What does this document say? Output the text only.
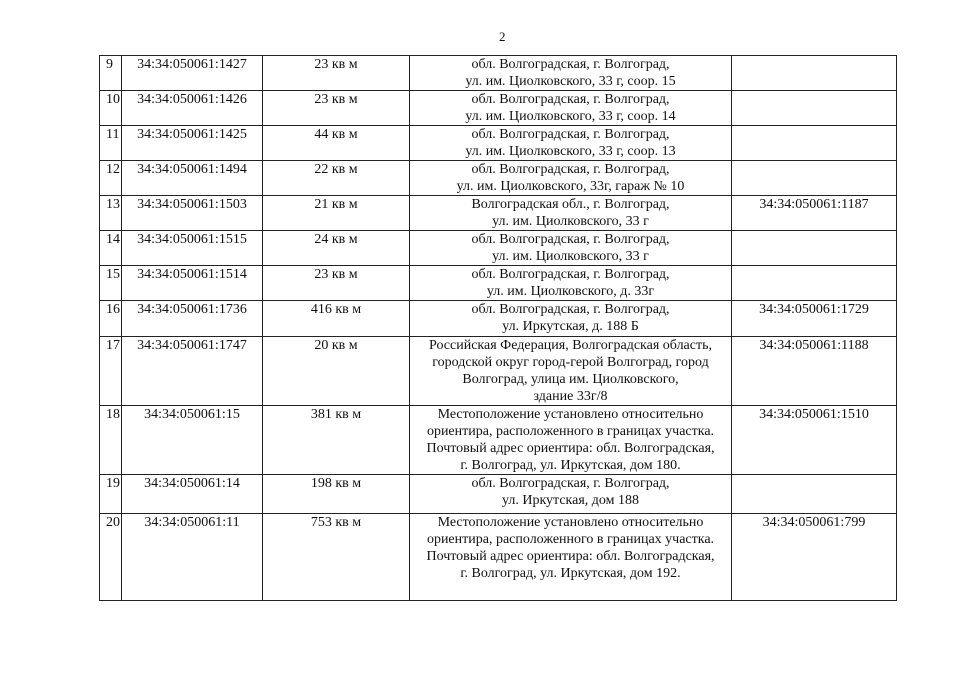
2
9	34:34:050061:1427	23 кв м	обл. Волгоградская, г. Волгоград,
ул. им. Циолковского, 33 г, соор. 15	

10	34:34:050061:1426	23 кв м	обл. Волгоградская, г. Волгоград,
ул. им. Циолковского, 33 г, соор. 14	

11	34:34:050061:1425	44 кв м	обл. Волгоградская, г. Волгоград,
ул. им. Циолковского, 33 г, соор. 13	

12	34:34:050061:1494	22 кв м	обл. Волгоградская, г. Волгоград,
ул. им. Циолковского, 33г, гараж № 10	

13	34:34:050061:1503	21 кв м	Волгоградская обл., г. Волгоград,
ул. им. Циолковского, 33 г	34:34:050061:1187
14	34:34:050061:1515	24 кв м	обл. Волгоградская, г. Волгоград,
ул. им. Циолковского, 33 г	

15	34:34:050061:1514	23 кв м	обл. Волгоградская, г. Волгоград,
ул. им. Циолковского, д. 33г	

16	34:34:050061:1736	416 кв м	обл. Волгоградская, г. Волгоград,
ул. Иркутская, д. 188 Б	34:34:050061:1729
17	34:34:050061:1747	20 кв м	Российская Федерация, Волгоградская область,
городской округ город-герой Волгоград, город
Волгоград, улица им. Циолковского,
здание 33г/8	34:34:050061:1188
18	34:34:050061:15	381 кв м	Местоположение установлено относительно
ориентира, расположенного в границах участка.
Почтовый адрес ориентира: обл. Волгоградская,
г. Волгоград, ул. Иркутская, дом 180.	34:34:050061:1510
19	34:34:050061:14	198 кв м	обл. Волгоградская, г. Волгоград,
ул. Иркутская, дом 188	

20	34:34:050061:11	753 кв м	Местоположение установлено относительно
ориентира, расположенного в границах участка.
Почтовый адрес ориентира: обл. Волгоградская,
г. Волгоград, ул. Иркутская, дом 192.	34:34:050061:799
